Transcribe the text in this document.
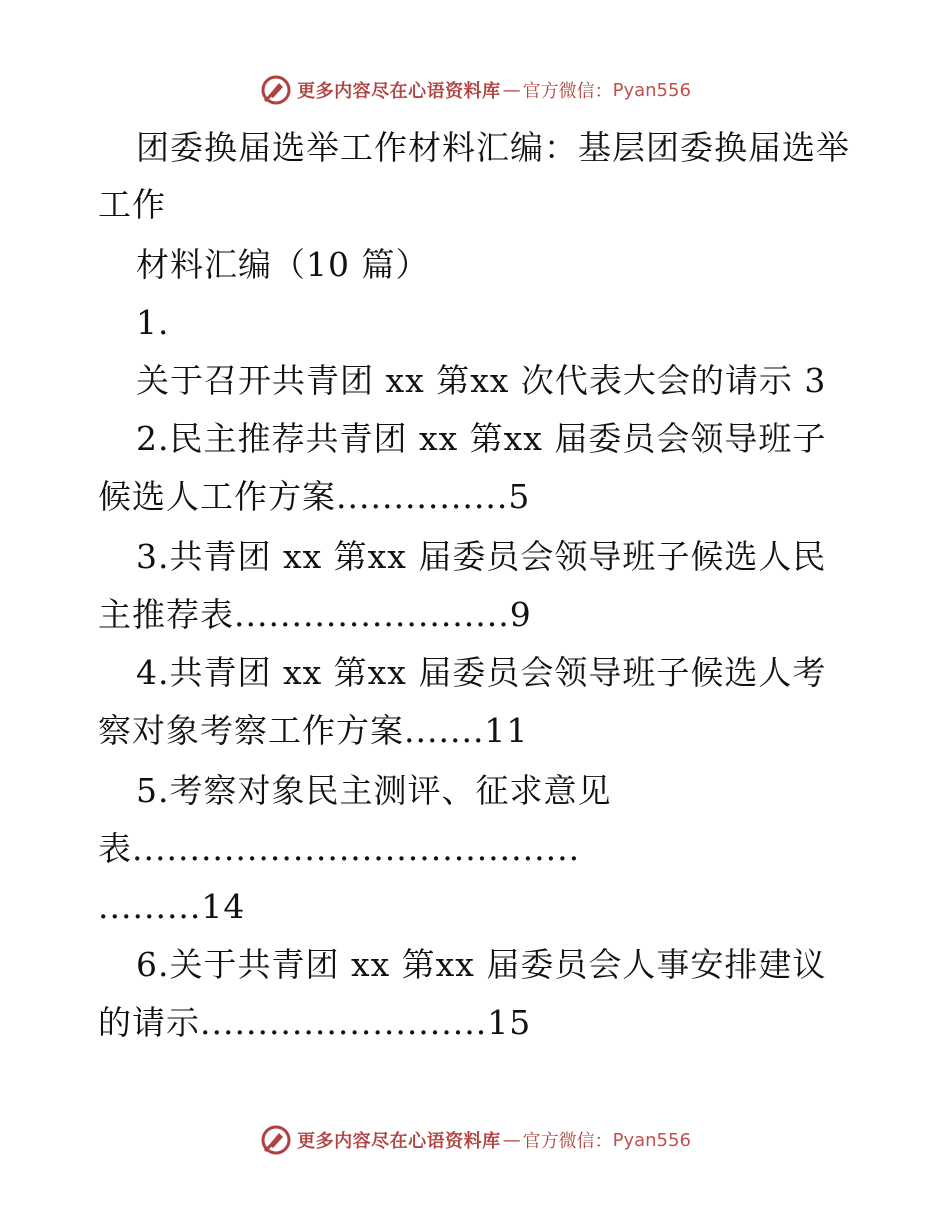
更多内容尽在心语资料库 — 官方微信： Pyan556
团委换届选举工作材料汇编：基层团委换届选举
工作
材料汇编（10 篇）
1.
关于召开共青团 xx 第xx 次代表大会的请示 3
2.民主推荐共青团 xx 第xx 届委员会领导班子
候选人工作方案...............5
3.共青团 xx 第xx 届委员会领导班子候选人民
主推荐表........................9
4.共青团 xx 第xx 届委员会领导班子候选人考
察对象考察工作方案.......11
5.考察对象民主测评、征求意见
表.......................................
.........14
6.关于共青团 xx 第xx 届委员会人事安排建议
的请示.........................15
更多内容尽在心语资料库 — 官方微信： Pyan556
